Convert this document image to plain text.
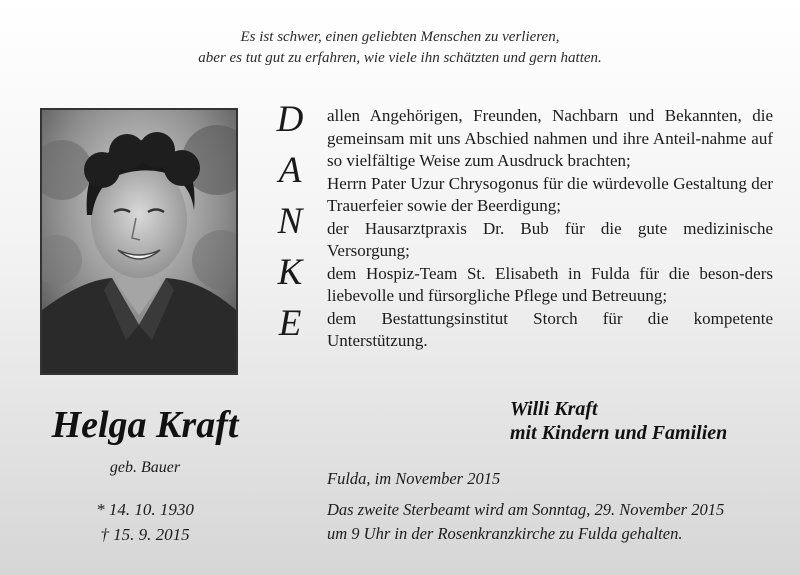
Es ist schwer, einen geliebten Menschen zu verlieren,
aber es tut gut zu erfahren, wie viele ihn schätzten und gern hatten.
Helga Kraft
geb. Bauer
* 14. 10. 1930
† 15. 9. 2015
D
A
N
K
E

allen Angehörigen, Freunden, Nachbarn und Bekannten, die gemeinsam mit uns Abschied nahmen und ihre Anteil-nahme auf so vielfältige Weise zum Ausdruck brachten;

Herrn Pater Uzur Chrysogonus für die würdevolle Gestaltung der Trauerfeier sowie der Beerdigung;

der Hausarztpraxis Dr. Bub für die gute medizinische Versorgung;

dem Hospiz-Team St. Elisabeth in Fulda für die beson-ders liebevolle und fürsorgliche Pflege und Betreuung;

dem Bestattungsinstitut Storch für die kompetente Unterstützung.

Willi Kraft
mit Kindern und Familien
Fulda, im November 2015
Das zweite Sterbeamt wird am Sonntag, 29. November 2015
um 9 Uhr in der Rosenkranzkirche zu Fulda gehalten.
